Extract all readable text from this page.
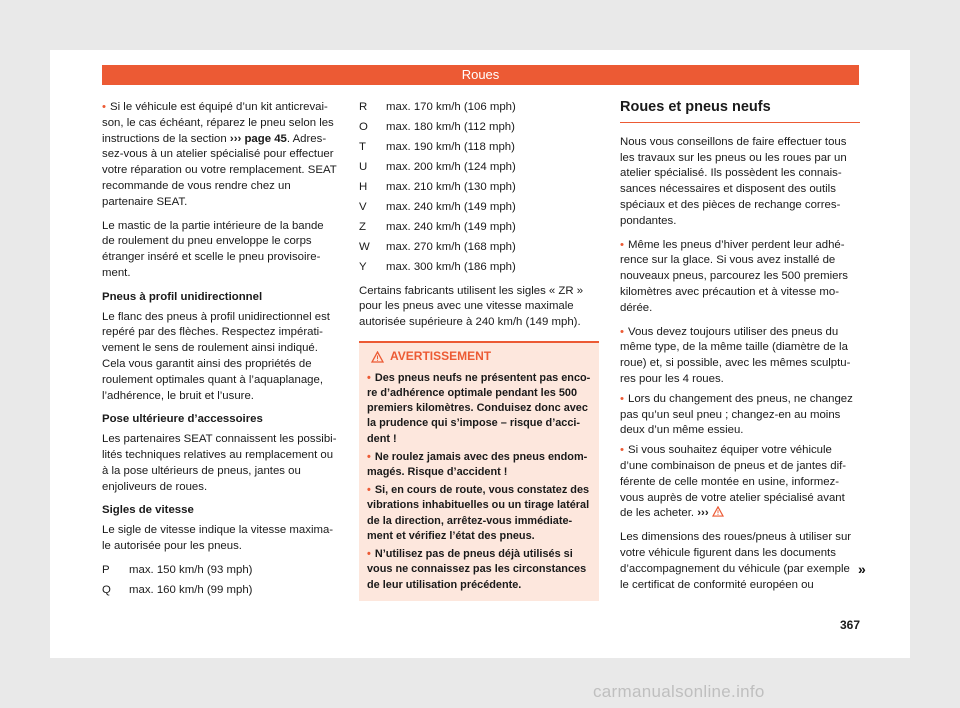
Roues

• Si le véhicule est équipé d’un kit anticrevaison, le cas échéant, réparez le pneu selon les instructions de la section ››› page 45. Adressez-vous à un atelier spécialisé pour effectuer votre réparation ou votre remplacement. SEAT recommande de vous rendre chez un partenaire SEAT.

Le mastic de la partie intérieure de la bande de roulement du pneu enveloppe le corps étranger inséré et scelle le pneu provisoirement.

Pneus à profil unidirectionnel

Le flanc des pneus à profil unidirectionnel est repéré par des flèches. Respectez impérativement le sens de roulement ainsi indiqué. Cela vous garantit ainsi des propriétés de roulement optimales quant à l’aquaplanage, l’adhérence, le bruit et l’usure.

Pose ultérieure d’accessoires

Les partenaires SEAT connaissent les possibilités techniques relatives au remplacement ou à la pose ultérieurs de pneus, jantes ou enjoliveurs de roues.

Sigles de vitesse

Le sigle de vitesse indique la vitesse maximale autorisée pour les pneus.

P	max. 150 km/h (93 mph)
Q	max. 160 km/h (99 mph)
R	max. 170 km/h (106 mph)
O	max. 180 km/h (112 mph)
T	max. 190 km/h (118 mph)
U	max. 200 km/h (124 mph)
H	max. 210 km/h (130 mph)
V	max. 240 km/h (149 mph)
Z	max. 240 km/h (149 mph)
W	max. 270 km/h (168 mph)
Y	max. 300 km/h (186 mph)

Certains fabricants utilisent les sigles « ZR » pour les pneus avec une vitesse maximale autorisée supérieure à 240 km/h (149 mph).

AVERTISSEMENT

• Des pneus neufs ne présentent pas encore d’adhérence optimale pendant les 500 premiers kilomètres. Conduisez donc avec la prudence qui s’impose – risque d’accident !

• Ne roulez jamais avec des pneus endommagés. Risque d’accident !

• Si, en cours de route, vous constatez des vibrations inhabituelles ou un tirage latéral de la direction, arrêtez-vous immédiatement et vérifiez l’état des pneus.

• N’utilisez pas de pneus déjà utilisés si vous ne connaissez pas les circonstances de leur utilisation précédente.

Roues et pneus neufs

Nous vous conseillons de faire effectuer tous les travaux sur les pneus ou les roues par un atelier spécialisé. Ils possèdent les connaissances nécessaires et disposent des outils spéciaux et des pièces de rechange correspondantes.

• Même les pneus d’hiver perdent leur adhérence sur la glace. Si vous avez installé de nouveaux pneus, parcourez les 500 premiers kilomètres avec précaution et à vitesse modérée.

• Vous devez toujours utiliser des pneus du même type, de la même taille (diamètre de la roue) et, si possible, avec les mêmes sculptures pour les 4 roues.

• Lors du changement des pneus, ne changez pas qu’un seul pneu ; changez-en au moins deux d’un même essieu.

• Si vous souhaitez équiper votre véhicule d’une combinaison de pneus et de jantes différente de celle montée en usine, informez-vous auprès de votre atelier spécialisé avant de les acheter. ›››

Les dimensions des roues/pneus à utiliser sur votre véhicule figurent dans les documents d’accompagnement du véhicule (par exemple le certificat de conformité européen ou

»
367
carmanualsonline.info
